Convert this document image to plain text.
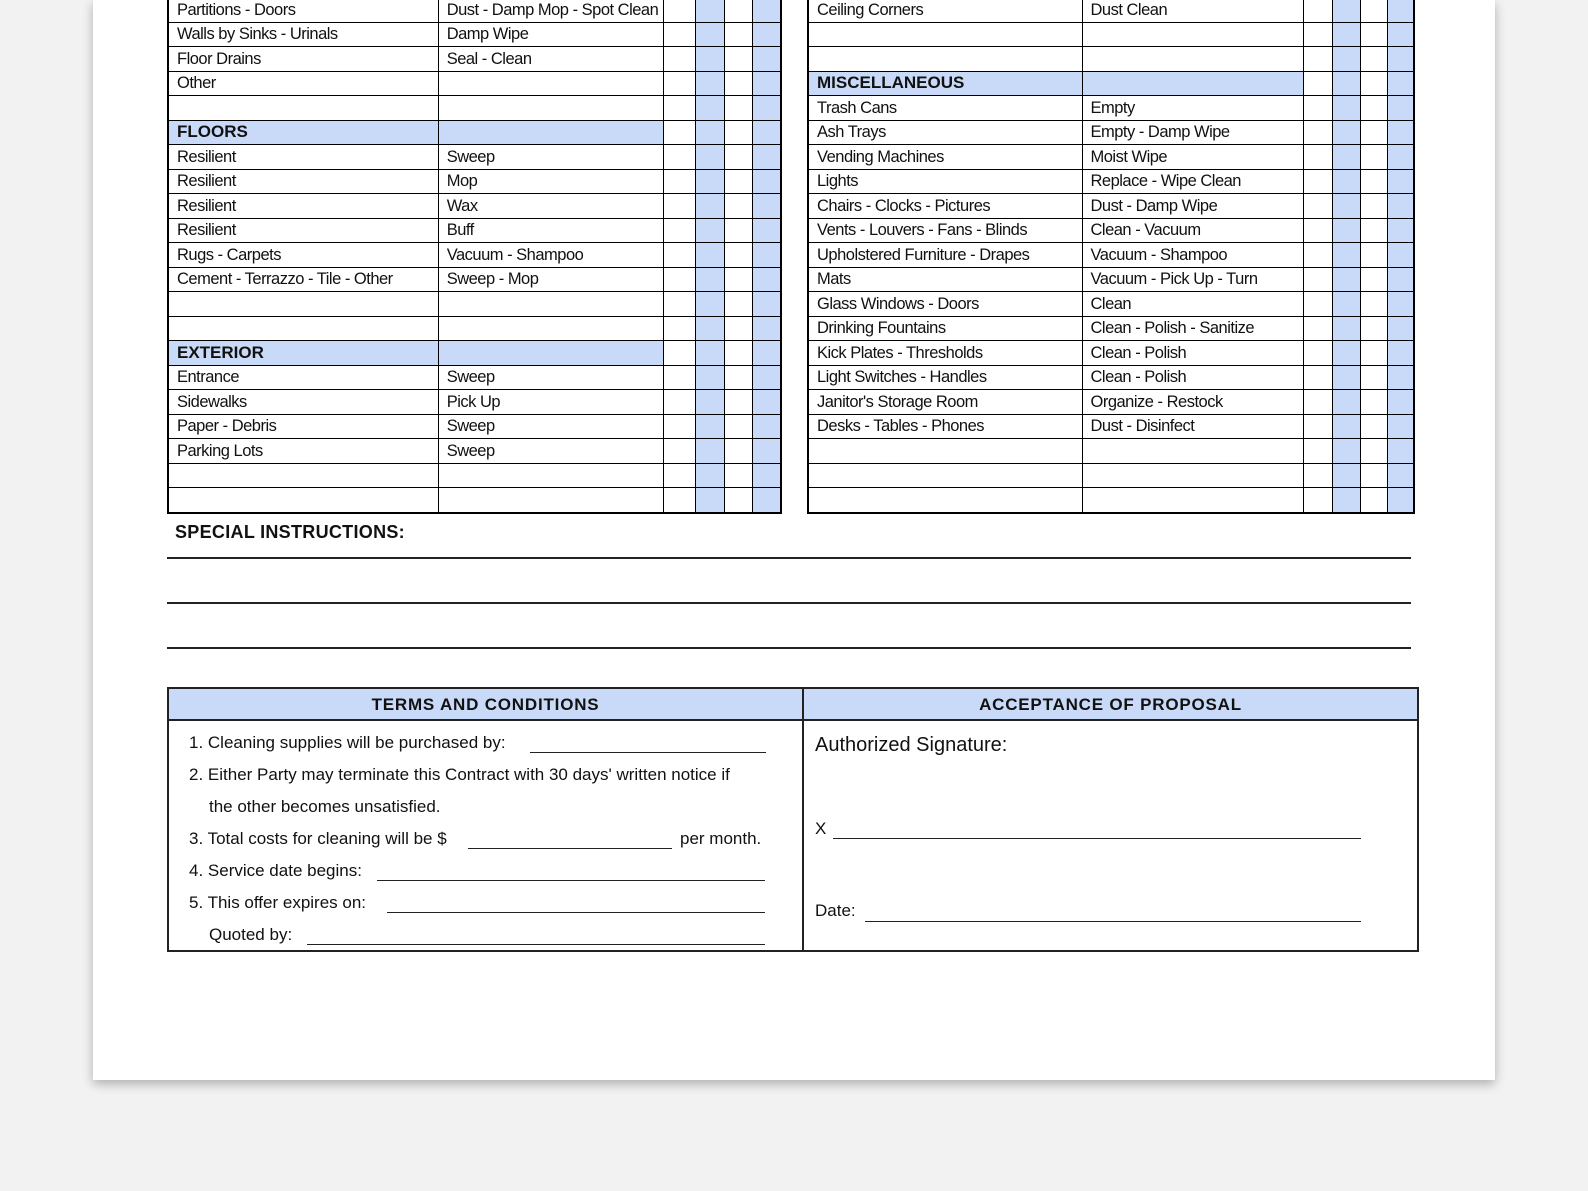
Partitions - Doors	Dust - Damp Mop - Spot Clean				
Walls by Sinks - Urinals	Damp Wipe				
Floor Drains	Seal - Clean				
Other					

FLOORS					
Resilient	Sweep				
Resilient	Mop				
Resilient	Wax				
Resilient	Buff				
Rugs - Carpets	Vacuum - Shampoo				
Cement - Terrazzo - Tile - Other	Sweep - Mop				

EXTERIOR					
Entrance	Sweep				
Sidewalks	Pick Up				
Paper - Debris	Sweep				
Parking Lots	Sweep				

Ceiling Corners	Dust Clean				

MISCELLANEOUS					
Trash Cans	Empty				
Ash Trays	Empty - Damp Wipe				
Vending Machines	Moist Wipe				
Lights	Replace - Wipe Clean				
Chairs - Clocks - Pictures	Dust - Damp Wipe				
Vents - Louvers - Fans - Blinds	Clean - Vacuum				
Upholstered Furniture - Drapes	Vacuum - Shampoo				
Mats	Vacuum - Pick Up - Turn				
Glass Windows - Doors	Clean				
Drinking Fountains	Clean - Polish - Sanitize				
Kick Plates - Thresholds	Clean - Polish				
Light Switches - Handles	Clean - Polish				
Janitor's Storage Room	Organize - Restock				
Desks - Tables - Phones	Dust - Disinfect				

SPECIAL INSTRUCTIONS:
TERMS AND CONDITIONS	ACCEPTANCE OF PROPOSAL
1. Cleaning supplies will be purchased by:
2. Either Party may terminate this Contract with 30 days' written notice if
the other becomes unsatisfied.
3. Total costs for cleaning will be $	per month.
4. Service date begins:
5. This offer expires on:
Quoted by:
Authorized Signature:
X
Date:
